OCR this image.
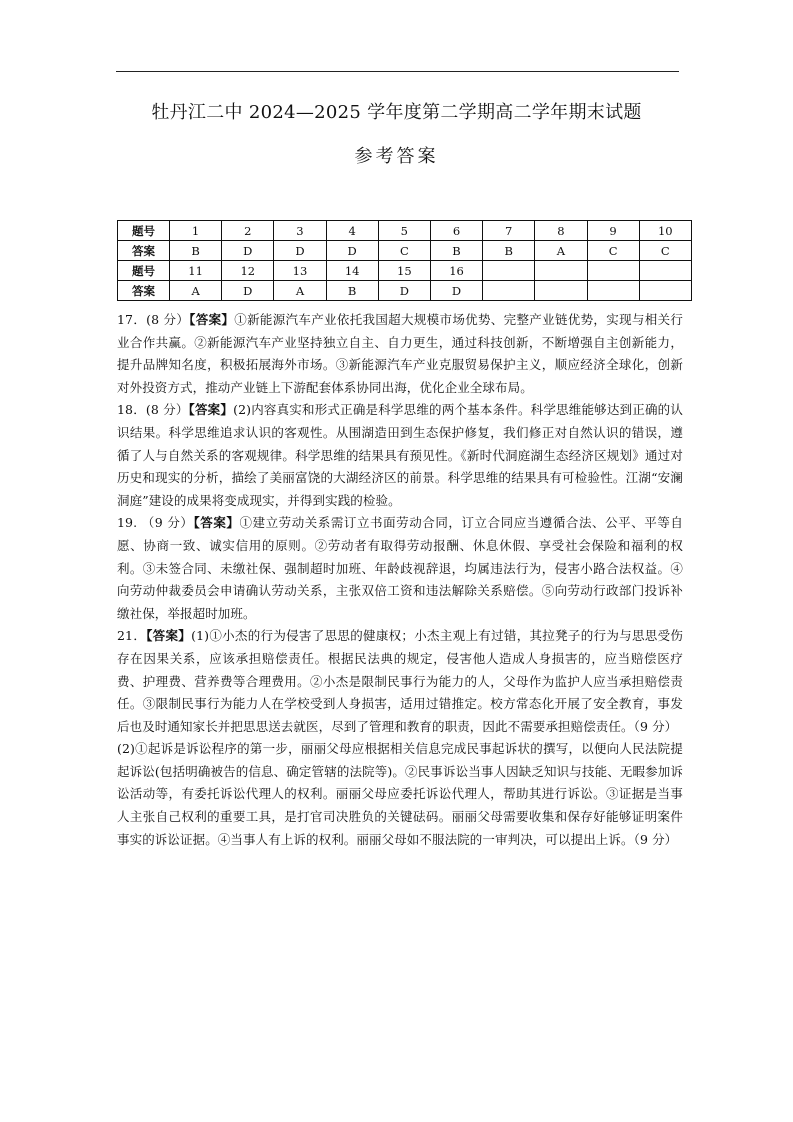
牡丹江二中 2024—2025 学年度第二学期高二学年期末试题
参考答案
题号	1	2	3	4	5	6	7	8	9	10
答案	B	D	D	D	C	B	B	A	C	C
题号	11	12	13	14	15	16				
答案	A	D	A	B	D	D				

17．(8 分）【答案】①新能源汽车产业依托我国超大规模市场优势、完整产业链优势，实现与相关行业合作共赢。②新能源汽车产业坚持独立自主、自力更生，通过科技创新，不断增强自主创新能力，提升品牌知名度，积极拓展海外市场。③新能源汽车产业克服贸易保护主义，顺应经济全球化，创新对外投资方式，推动产业链上下游配套体系协同出海，优化企业全球布局。

18．(8 分）【答案】(2)内容真实和形式正确是科学思维的两个基本条件。科学思维能够达到正确的认识结果。科学思维追求认识的客观性。从围湖造田到生态保护修复，我们修正对自然认识的错误，遵循了人与自然关系的客观规律。科学思维的结果具有预见性。《新时代洞庭湖生态经济区规划》通过对历史和现实的分析，描绘了美丽富饶的大湖经济区的前景。科学思维的结果具有可检验性。江湖“安澜洞庭”建设的成果将变成现实，并得到实践的检验。

19. （9 分）【答案】①建立劳动关系需订立书面劳动合同，订立合同应当遵循合法、公平、平等自愿、协商一致、诚实信用的原则。②劳动者有取得劳动报酬、休息休假、享受社会保险和福利的权利。③未签合同、未缴社保、强制超时加班、年龄歧视辞退，均属违法行为，侵害小路合法权益。④向劳动仲裁委员会申请确认劳动关系，主张双倍工资和违法解除关系赔偿。⑤向劳动行政部门投诉补缴社保，举报超时加班。

21．【答案】(1)①小杰的行为侵害了思思的健康权；小杰主观上有过错，其拉凳子的行为与思思受伤存在因果关系，应该承担赔偿责任。根据民法典的规定，侵害他人造成人身损害的，应当赔偿医疗费、护理费、营养费等合理费用。②小杰是限制民事行为能力的人，父母作为监护人应当承担赔偿责任。③限制民事行为能力人在学校受到人身损害，适用过错推定。校方常态化开展了安全教育，事发后也及时通知家长并把思思送去就医，尽到了管理和教育的职责，因此不需要承担赔偿责任。（9 分）

(2)①起诉是诉讼程序的第一步，丽丽父母应根据相关信息完成民事起诉状的撰写，以便向人民法院提起诉讼(包括明确被告的信息、确定管辖的法院等)。②民事诉讼当事人因缺乏知识与技能、无暇参加诉讼活动等，有委托诉讼代理人的权利。丽丽父母应委托诉讼代理人，帮助其进行诉讼。③证据是当事人主张自己权利的重要工具，是打官司决胜负的关键砝码。丽丽父母需要收集和保存好能够证明案件事实的诉讼证据。④当事人有上诉的权利。丽丽父母如不服法院的一审判决，可以提出上诉。（9 分）
